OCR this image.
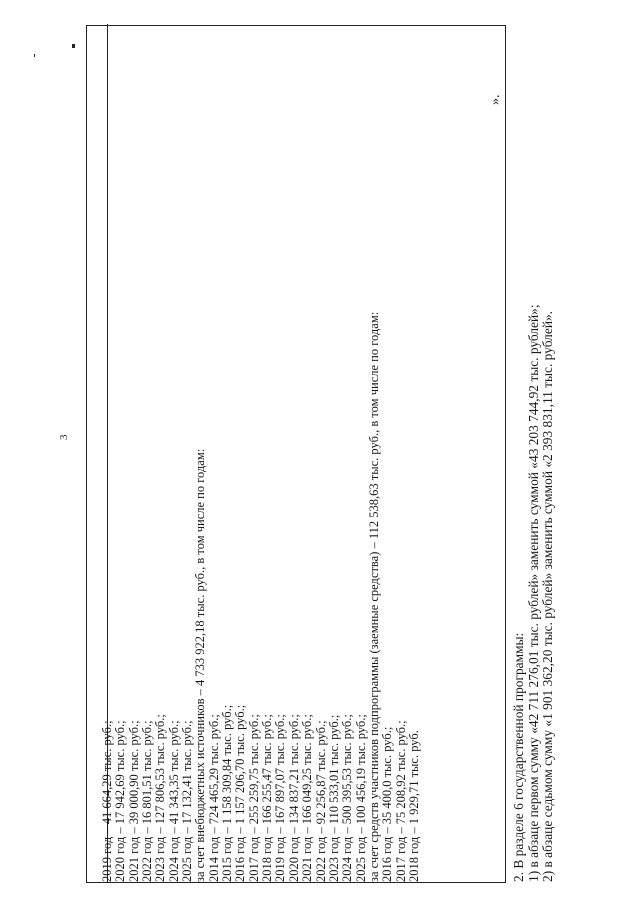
3
2019 год – 41 664,29 тыс. руб.; 2020 год – 17 942,69 тыс. руб.; 2021 год – 39 000,90 тыс. руб.; 2022 год – 16 801,51 тыс. руб.; 2023 год – 127 806,53 тыс. руб.; 2024 год – 41 343,35 тыс. руб.; 2025 год – 17 132,41 тыс. руб.; за счет внебюджетных источников – 4 733 922,18 тыс. руб., в том числе по годам: 2014 год – 724 465,29 тыс. руб.; 2015 год – 1 158 309,84 тыс. руб.; 2016 год – 1 157 206,70 тыс. руб.; 2017 год – 255 259,75 тыс. руб.; 2018 год – 166 255,47 тыс. руб.; 2019 год – 167 897,07 тыс. руб.; 2020 год – 134 837,21 тыс. руб.; 2021 год – 166 049,25 тыс. руб.; 2022 год – 92 256,87 тыс. руб.; 2023 год – 110 533,01 тыс. руб.; 2024 год – 500 395,53 тыс. руб.; 2025 год – 100 456,19 тыс. руб.; за счет средств участников подпрограммы (заемные средства) – 112 538,63 тыс. руб., в том числе по годам: 2016 год – 35 400,0 тыс. руб.; 2017 год – 75 208,92 тыс. руб.; 2018 год – 1 929,71 тыс. руб.
».
2. В разделе 6 государственной программы: 1) в абзаце первом сумму «42 711 276,01 тыс. рублей» заменить суммой «43 203 744,92 тыс. рублей»; 2) в абзаце седьмом сумму «1 901 362,20 тыс. рублей» заменить суммой «2 393 831,11 тыс. рублей».
